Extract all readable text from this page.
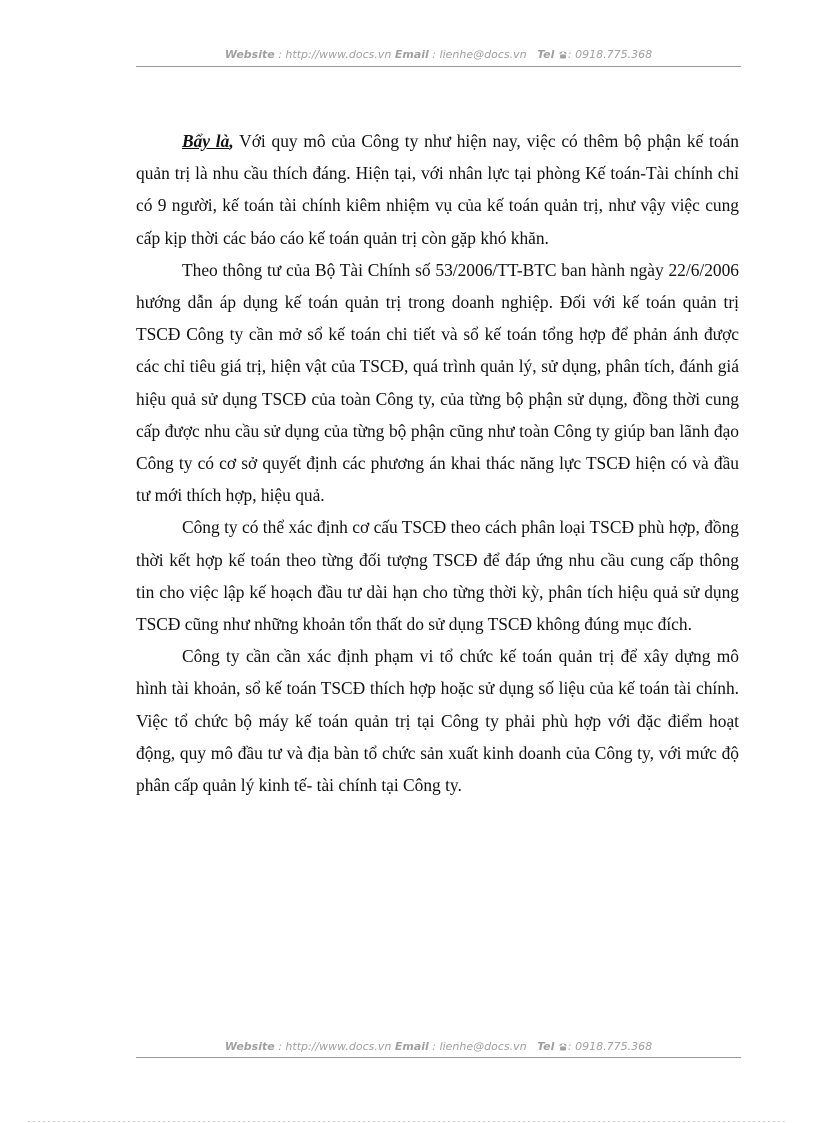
Website : http://www.docs.vn Email : lienhe@docs.vn Tel : 0918.775.368

Bẩy là, Với quy mô của Công ty như hiện nay, việc có thêm bộ phận kế toán quản trị là nhu cầu thích đáng. Hiện tại, với nhân lực tại phòng Kế toán-Tài chính chỉ có 9 người, kế toán tài chính kiêm nhiệm vụ của kế toán quản trị, như vậy việc cung cấp kịp thời các báo cáo kế toán quản trị còn gặp khó khăn.

Theo thông tư của Bộ Tài Chính số 53/2006/TT-BTC ban hành ngày 22/6/2006 hướng dẫn áp dụng kế toán quản trị trong doanh nghiệp. Đối với kế toán quản trị TSCĐ Công ty cần mở sổ kế toán chi tiết và sổ kế toán tổng hợp để phản ánh được các chỉ tiêu giá trị, hiện vật của TSCĐ, quá trình quản lý, sử dụng, phân tích, đánh giá hiệu quả sử dụng TSCĐ của toàn Công ty, của từng bộ phận sử dụng, đồng thời cung cấp được nhu cầu sử dụng của từng bộ phận cũng như toàn Công ty giúp ban lãnh đạo Công ty có cơ sở quyết định các phương án khai thác năng lực TSCĐ hiện có và đầu tư mới thích hợp, hiệu quả.

Công ty có thể xác định cơ cấu TSCĐ theo cách phân loại TSCĐ phù hợp, đồng thời kết hợp kế toán theo từng đối tượng TSCĐ để đáp ứng nhu cầu cung cấp thông tin cho việc lập kế hoạch đầu tư dài hạn cho từng thời kỳ, phân tích hiệu quả sử dụng TSCĐ cũng như những khoản tổn thất do sử dụng TSCĐ không đúng mục đích.

Công ty cần cần xác định phạm vi tổ chức kế toán quản trị để xây dựng mô hình tài khoản, sổ kế toán TSCĐ thích hợp hoặc sử dụng số liệu của kế toán tài chính. Việc tổ chức bộ máy kế toán quản trị tại Công ty phải phù hợp với đặc điểm hoạt động, quy mô đầu tư và địa bàn tổ chức sản xuất kinh doanh của Công ty, với mức độ phân cấp quản lý kinh tế- tài chính tại Công ty.

Website : http://www.docs.vn Email : lienhe@docs.vn Tel : 0918.775.368
